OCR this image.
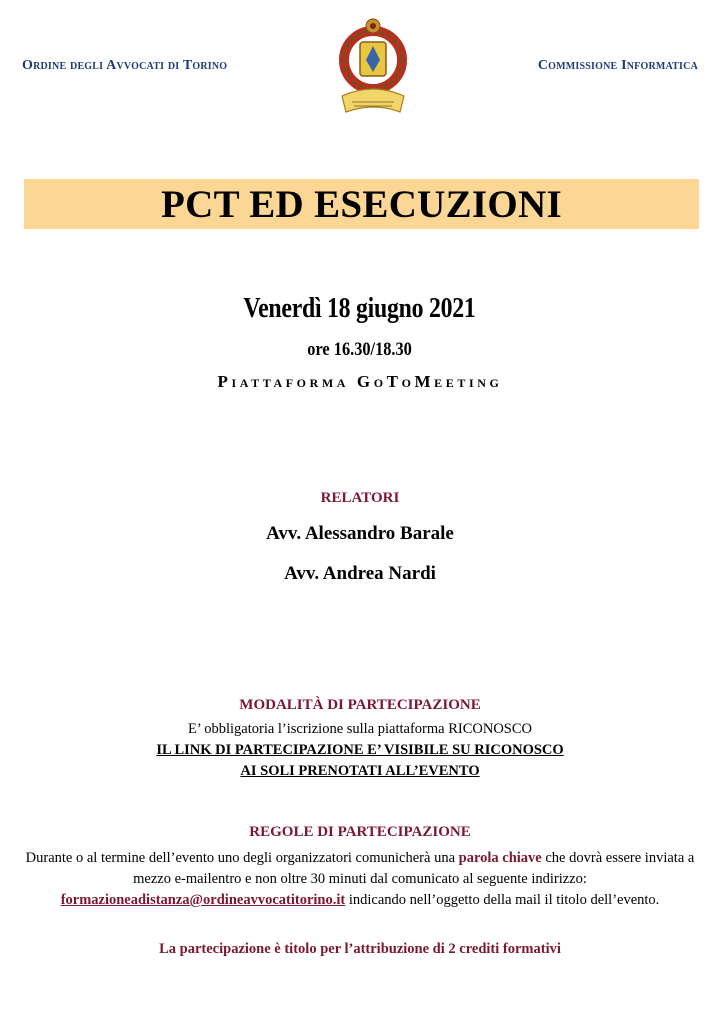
Ordine degli Avvocati di Torino	Commissione Informatica
PCT ED ESECUZIONI
Venerdì 18 giugno 2021
ore 16.30/18.30
Piattaforma GoToMeeting
RELATORI
Avv. Alessandro Barale
Avv. Andrea Nardi
MODALITÀ DI PARTECIPAZIONE
E’ obbligatoria l’iscrizione sulla piattaforma RICONOSCO
IL LINK DI PARTECIPAZIONE E’ VISIBILE SU RICONOSCO
AI SOLI PRENOTATI ALL’EVENTO
REGOLE DI PARTECIPAZIONE
Durante o al termine dell’evento uno degli organizzatori comunicherà una parola chiave che dovrà essere inviata a mezzo e-mailentro e non oltre 30 minuti dal comunicato al seguente indirizzo:
formazioneadistanza@ordineavvocatitorino.it indicando nell’oggetto della mail il titolo dell’evento.
La partecipazione è titolo per l’attribuzione di 2 crediti formativi
